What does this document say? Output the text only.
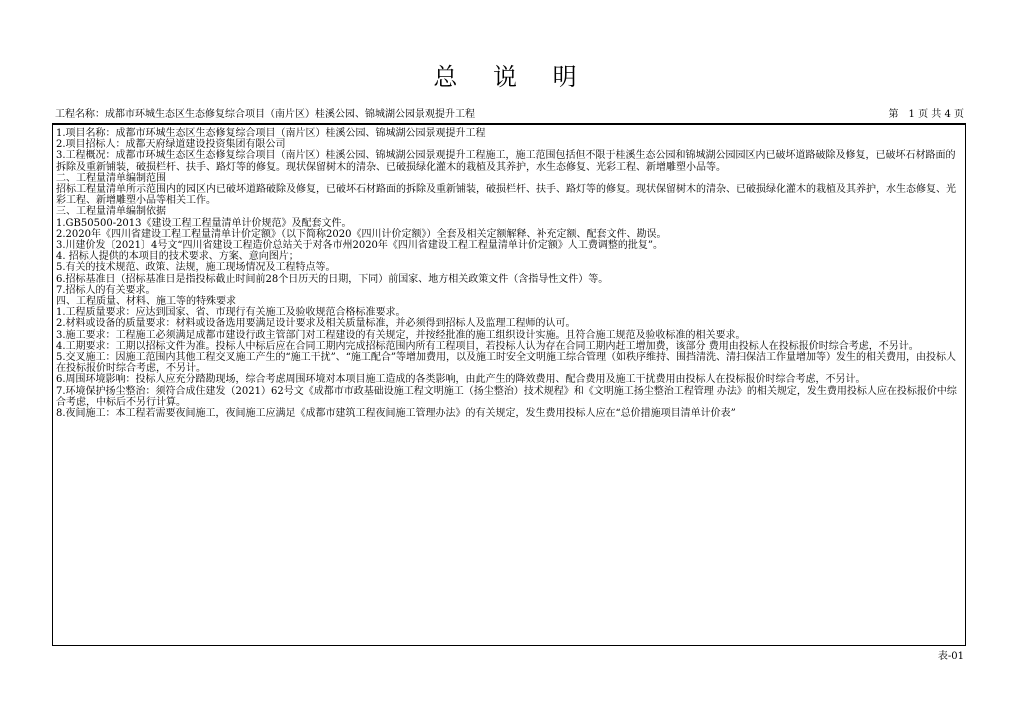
总 说 明
工程名称：成都市环城生态区生态修复综合项目（南片区）桂溪公园、锦城湖公园景观提升工程	第　1 页 共 4 页

1.项目名称：成都市环城生态区生态修复综合项目（南片区）桂溪公园、锦城湖公园景观提升工程

2.项目招标人：成都天府绿道建设投资集团有限公司

3.工程概况：成都市环城生态区生态修复综合项目（南片区）桂溪公园、锦城湖公园景观提升工程施工，施工范围包括但不限于桂溪生态公园和锦城湖公园园区内已破坏道路破除及修复，已破坏石材路面的拆除及重新铺装，破损栏杆、扶手、路灯等的修复。现状保留树木的清杂、已破损绿化灌木的栽植及其养护，水生态修复、光彩工程、新增雕塑小品等。

二、工程量清单编制范围

招标工程量清单所示范围内的园区内已破坏道路破除及修复，已破坏石材路面的拆除及重新铺装，破损栏杆、扶手、路灯等的修复。现状保留树木的清杂、已破损绿化灌木的栽植及其养护，水生态修复、光彩工程、新增雕塑小品等相关工作。

三、工程量清单编制依据

1.GB50500-2013《建设工程工程量清单计价规范》及配套文件。

2.2020年《四川省建设工程工程量清单计价定额》（以下简称2020《四川计价定额》）全套及相关定额解释、补充定额、配套文件、勘误。

3.川建价发〔2021〕4号文“四川省建设工程造价总站关于对各市州2020年《四川省建设工程工程量清单计价定额》人工费调整的批复”。

4. 招标人提供的本项目的技术要求、方案、意向图片；

5.有关的技术规范、政策、法规，施工现场情况及工程特点等。

6.招标基准日（招标基准日是指投标截止时间前28个日历天的日期，下同）前国家、地方相关政策文件（含指导性文件）等。

7.招标人的有关要求。

四、工程质量、材料、施工等的特殊要求

1.工程质量要求：应达到国家、省、市现行有关施工及验收规范合格标准要求。

2.材料或设备的质量要求：材料或设备选用要满足设计要求及相关质量标准，并必须得到招标人及监理工程师的认可。

3.施工要求：工程施工必须满足成都市建设行政主管部门对工程建设的有关规定，并按经批准的施工组织设计实施。且符合施工规范及验收标准的相关要求。

4.工期要求：工期以招标文件为准。投标人中标后应在合同工期内完成招标范围内所有工程项目，若投标人认为存在合同工期内赶工增加费，该部分 费用由投标人在投标报价时综合考虑，不另计。

5.交叉施工：因施工范围内其他工程交叉施工产生的“施工干扰”、“施工配合”等增加费用，以及施工时安全文明施工综合管理（如秩序维持、围挡清洗、清扫保洁工作量增加等）发生的相关费用，由投标人在投标报价时综合考虑，不另计。

6.周围环境影响：投标人应充分踏勘现场，综合考虑周围环境对本项目施工造成的各类影响，由此产生的降效费用、配合费用及施工干扰费用由投标人在投标报价时综合考虑，不另计。

7.环境保护扬尘整治：须符合成住建发（2021）62号文《成都市市政基础设施工程文明施工（扬尘整治）技术规程》和《文明施工扬尘整治工程管理 办法》的相关规定，发生费用投标人应在投标报价中综合考虑，中标后不另行计算。

8.夜间施工：本工程若需要夜间施工，夜间施工应满足《成都市建筑工程夜间施工管理办法》的有关规定，发生费用投标人应在“总价措施项目清单计价表”

表-01
